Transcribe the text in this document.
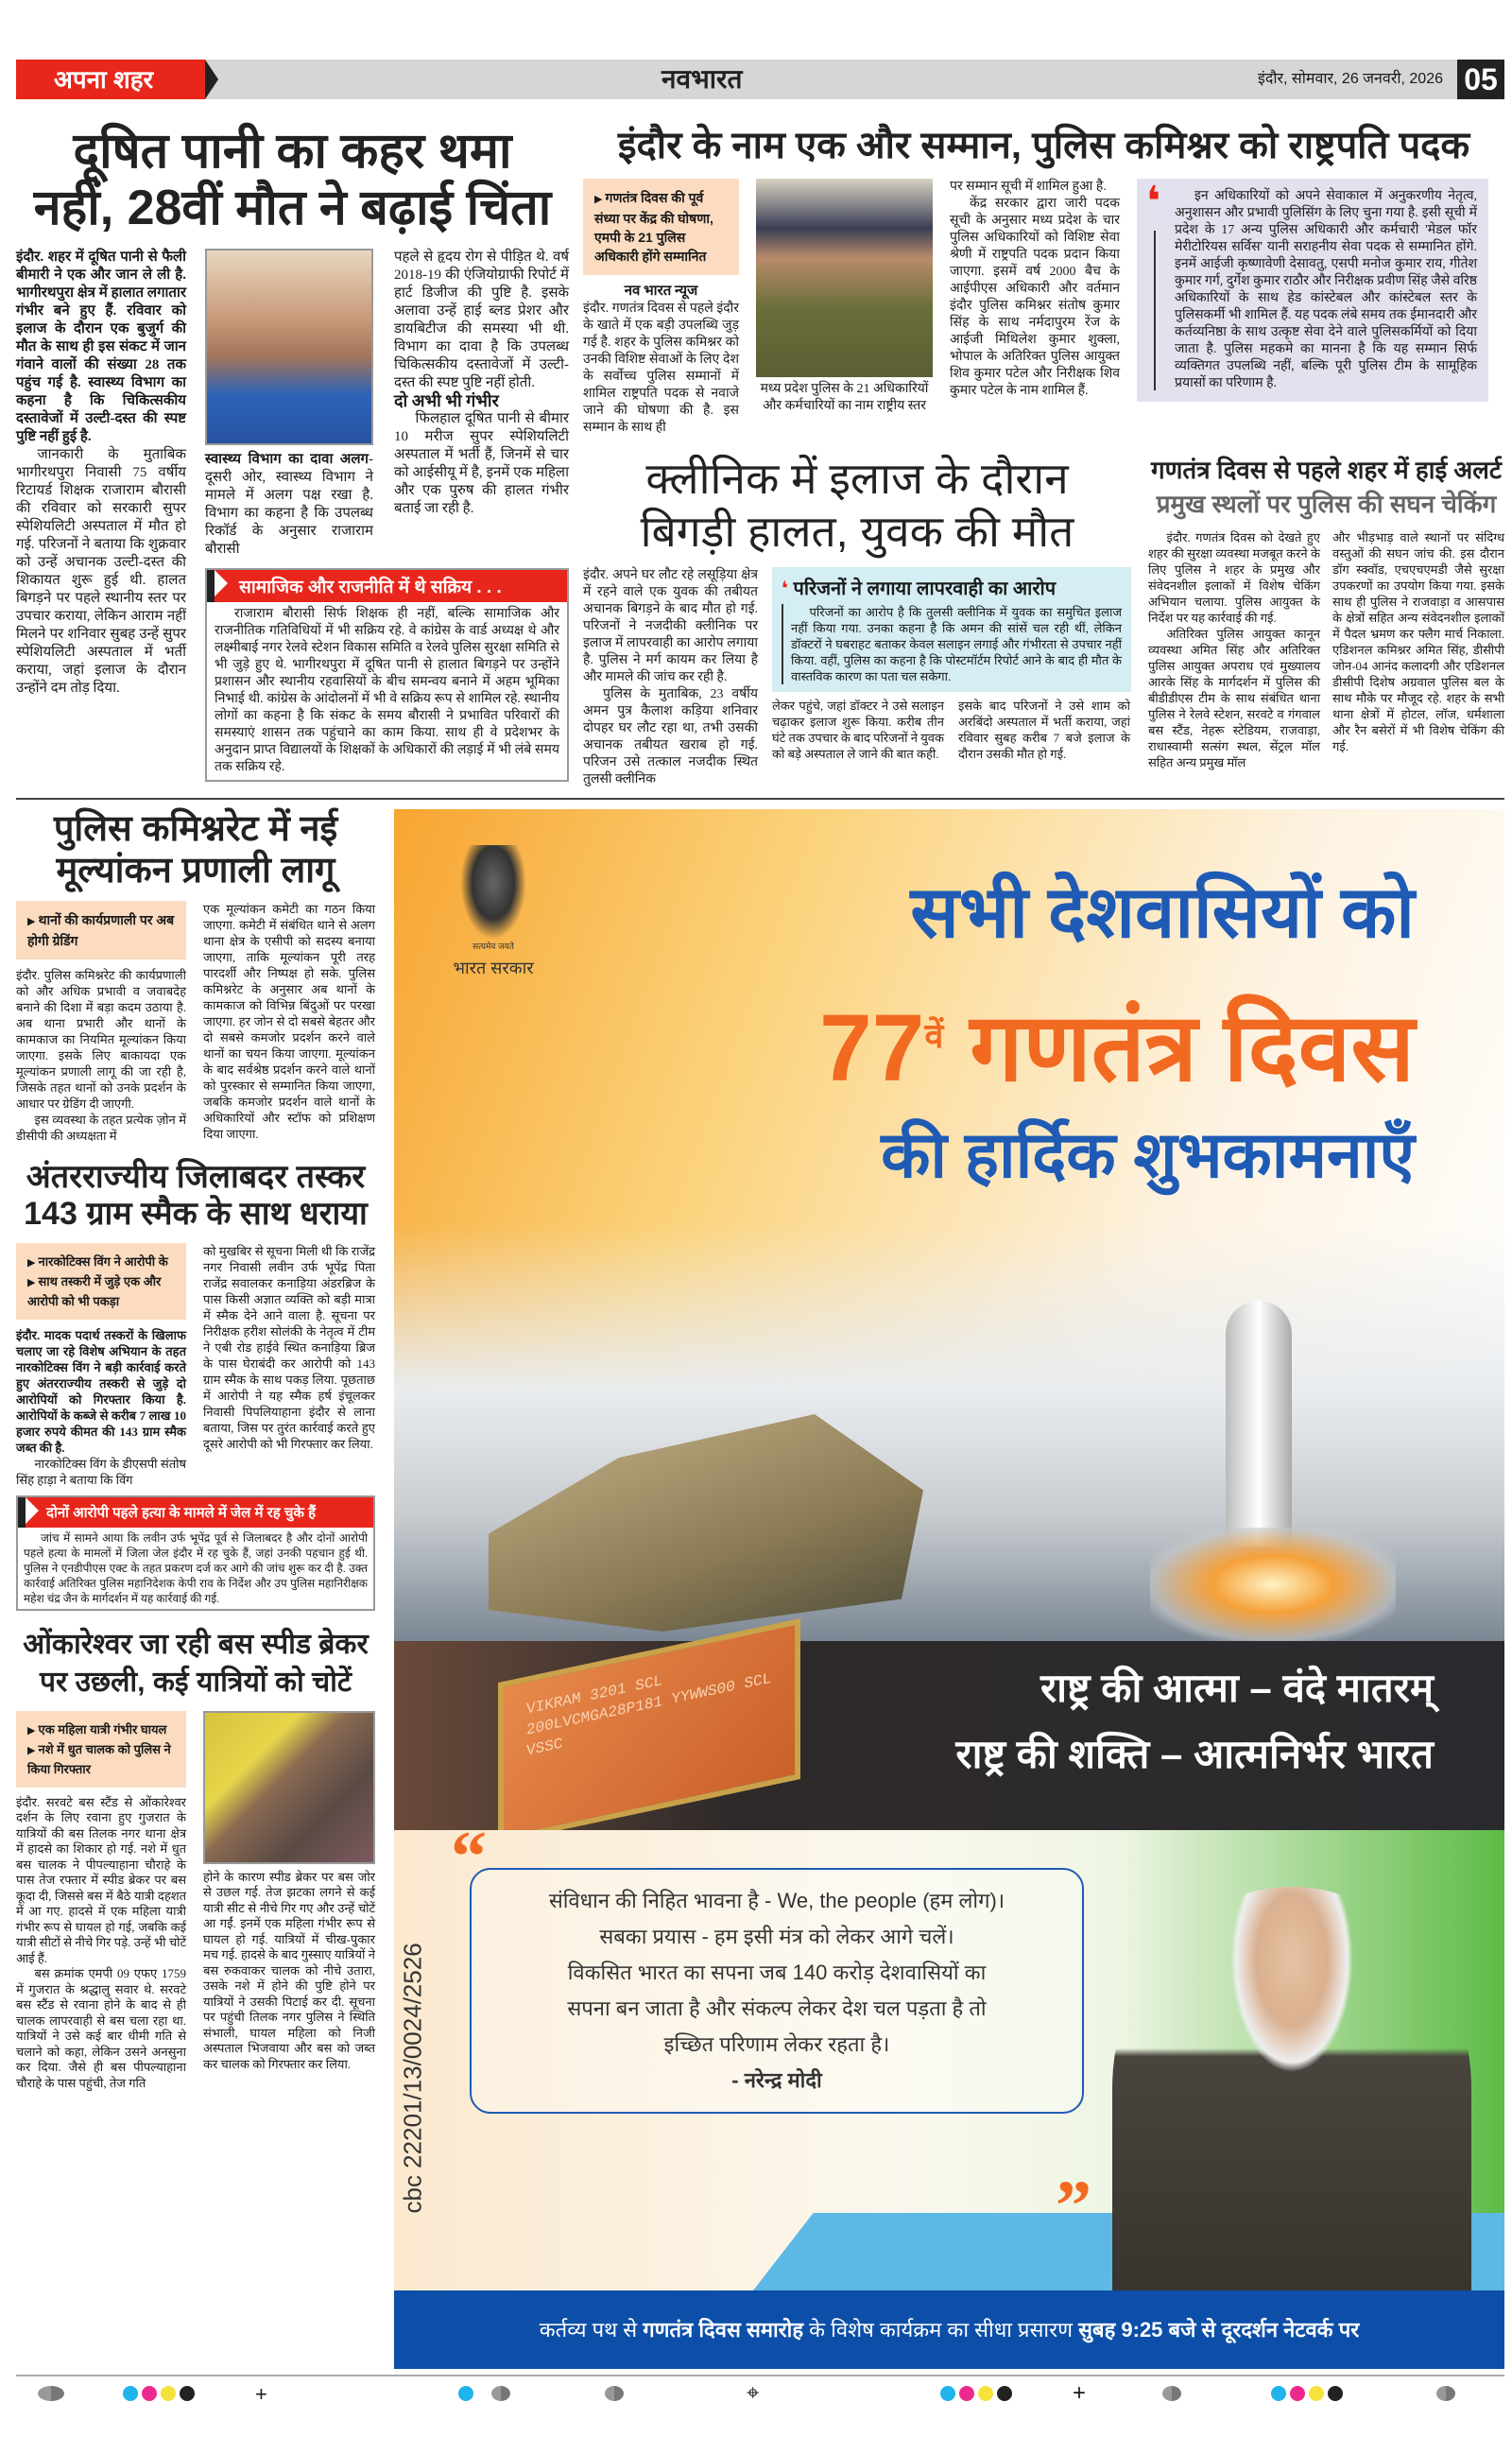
अपना शहर	नवभारत	इंदौर, सोमवार, 26 जनवरी, 2026 05
दूषित पानी का कहर थमा
नहीं, 28वीं मौत ने बढ़ाई चिंता

इंदौर. शहर में दूषित पानी से फैली बीमारी ने एक और जान ले ली है. भागीरथपुरा क्षेत्र में हालात लगातार गंभीर बने हुए हैं. रविवार को इलाज के दौरान एक बुजुर्ग की मौत के साथ ही इस संकट में जान गंवाने वालों की संख्या 28 तक पहुंच गई है. स्वास्थ्य विभाग का कहना है कि चिकित्सकीय दस्तावेजों में उल्टी-दस्त की स्पष्ट पुष्टि नहीं हुई है.

जानकारी के मुताबिक भागीरथपुरा निवासी 75 वर्षीय रिटायर्ड शिक्षक राजाराम बौरासी की रविवार को सरकारी सुपर स्पेशियलिटी अस्पताल में मौत हो गई. परिजनों ने बताया कि शुक्रवार को उन्हें अचानक उल्टी-दस्त की शिकायत शुरू हुई थी. हालत बिगड़ने पर पहले स्थानीय स्तर पर उपचार कराया, लेकिन आराम नहीं मिलने पर शनिवार सुबह उन्हें सुपर स्पेशियलिटी अस्पताल में भर्ती कराया, जहां इलाज के दौरान उन्होंने दम तोड़ दिया.

स्वास्थ्य विभाग का दावा अलग-दूसरी ओर, स्वास्थ्य विभाग ने मामले में अलग पक्ष रखा है. विभाग का कहना है कि उपलब्ध रिकॉर्ड के अनुसार राजाराम बौरासी

पहले से हृदय रोग से पीड़ित थे. वर्ष 2018-19 की एंजियोग्राफी रिपोर्ट में हार्ट डिजीज की पुष्टि है. इसके अलावा उन्हें हाई ब्लड प्रेशर और डायबिटीज की समस्या भी थी. विभाग का दावा है कि उपलब्ध चिकित्सकीय दस्तावेजों में उल्टी-दस्त की स्पष्ट पुष्टि नहीं होती.

दो अभी भी गंभीर

फिलहाल दूषित पानी से बीमार 10 मरीज सुपर स्पेशियलिटी अस्पताल में भर्ती हैं, जिनमें से चार को आईसीयू में है, इनमें एक महिला और एक पुरुष की हालत गंभीर बताई जा रही है.

सामाजिक और राजनीति में थे सक्रिय . . .

राजाराम बौरासी सिर्फ शिक्षक ही नहीं, बल्कि सामाजिक और राजनीतिक गतिविधियों में भी सक्रिय रहे. वे कांग्रेस के वार्ड अध्यक्ष थे और लक्ष्मीबाई नगर रेलवे स्टेशन विकास समिति व रेलवे पुलिस सुरक्षा समिति से भी जुड़े हुए थे. भागीरथपुरा में दूषित पानी से हालात बिगड़ने पर उन्होंने प्रशासन और स्थानीय रहवासियों के बीच समन्वय बनाने में अहम भूमिका निभाई थी. कांग्रेस के आंदोलनों में भी वे सक्रिय रूप से शामिल रहे. स्थानीय लोगों का कहना है कि संकट के समय बौरासी ने प्रभावित परिवारों की समस्याएं शासन तक पहुंचाने का काम किया. साथ ही वे प्रदेशभर के अनुदान प्राप्त विद्यालयों के शिक्षकों के अधिकारों की लड़ाई में भी लंबे समय तक सक्रिय रहे.

इंदौर के नाम एक और सम्मान, पुलिस कमिश्नर को राष्ट्रपति पदक
▶ गणतंत्र दिवस की पूर्व संध्या पर केंद्र की घोषणा, एमपी के 21 पुलिस अधिकारी होंगे सम्मानित
नव भारत न्यूज

इंदौर. गणतंत्र दिवस से पहले इंदौर के खाते में एक बड़ी उपलब्धि जुड़ गई है. शहर के पुलिस कमिश्नर को उनकी विशिष्ट सेवाओं के लिए देश के सर्वोच्च पुलिस सम्मानों में शामिल राष्ट्रपति पदक से नवाजे जाने की घोषणा की है. इस सम्मान के साथ ही

मध्य प्रदेश पुलिस के 21 अधिकारियों और कर्मचारियों का नाम राष्ट्रीय स्तर

पर सम्मान सूची में शामिल हुआ है.

केंद्र सरकार द्वारा जारी पदक सूची के अनुसार मध्य प्रदेश के चार पुलिस अधिकारियों को विशिष्ट सेवा श्रेणी में राष्ट्रपति पदक प्रदान किया जाएगा. इसमें वर्ष 2000 बैच के आईपीएस अधिकारी और वर्तमान इंदौर पुलिस कमिश्नर संतोष कुमार सिंह के साथ नर्मदापुरम रेंज के आईजी मिथिलेश कुमार शुक्ला, भोपाल के अतिरिक्त पुलिस आयुक्त शिव कुमार पटेल और निरीक्षक शिव कुमार पटेल के नाम शामिल हैं.

❛	इन अधिकारियों को अपने सेवाकाल में अनुकरणीय नेतृत्व, अनुशासन और प्रभावी पुलिसिंग के लिए चुना गया है. इसी सूची में प्रदेश के 17 अन्य पुलिस अधिकारी और कर्मचारी 'मेडल फॉर मेरीटोरियस सर्विस' यानी सराहनीय सेवा पदक से सम्मानित होंगे. इनमें आईजी कृष्णावेणी देसावतु, एसपी मनोज कुमार राय, गीतेश कुमार गर्ग, दुर्गेश कुमार राठौर और निरीक्षक प्रवीण सिंह जैसे वरिष्ठ अधिकारियों के साथ हेड कांस्टेबल और कांस्टेबल स्तर के पुलिसकर्मी भी शामिल हैं. यह पदक लंबे समय तक ईमानदारी और कर्तव्यनिष्ठा के साथ उत्कृष्ट सेवा देने वाले पुलिसकर्मियों को दिया जाता है. पुलिस महकमे का मानना है कि यह सम्मान सिर्फ व्यक्तिगत उपलब्धि नहीं, बल्कि पूरी पुलिस टीम के सामूहिक प्रयासों का परिणाम है.

क्लीनिक में इलाज के दौरान
बिगड़ी हालत, युवक की मौत

इंदौर. अपने घर लौट रहे लसूड़िया क्षेत्र में रहने वाले एक युवक की तबीयत अचानक बिगड़ने के बाद मौत हो गई. परिजनों ने नजदीकी क्लीनिक पर इलाज में लापरवाही का आरोप लगाया है. पुलिस ने मर्ग कायम कर लिया है और मामले की जांच कर रही है.

पुलिस के मुताबिक, 23 वर्षीय अमन पुत्र कैलाश कड़िया शनिवार दोपहर घर लौट रहा था, तभी उसकी अचानक तबीयत खराब हो गई. परिजन उसे तत्काल नजदीक स्थित तुलसी क्लीनिक

❛ परिजनों ने लगाया लापरवाही का आरोप

परिजनों का आरोप है कि तुलसी क्लीनिक में युवक का समुचित इलाज नहीं किया गया. उनका कहना है कि अमन की सांसें चल रही थीं, लेकिन डॉक्टरों ने घबराहट बताकर केवल सलाइन लगाई और गंभीरता से उपचार नहीं किया. वहीं, पुलिस का कहना है कि पोस्टमॉर्टम रिपोर्ट आने के बाद ही मौत के वास्तविक कारण का पता चल सकेगा.

लेकर पहुंचे, जहां डॉक्टर ने उसे सलाइन चढ़ाकर इलाज शुरू किया. करीब तीन घंटे तक उपचार के बाद परिजनों ने युवक को बड़े अस्पताल ले जाने की बात कही.

इसके बाद परिजनों ने उसे शाम को अरबिंदो अस्पताल में भर्ती कराया, जहां रविवार सुबह करीब 7 बजे इलाज के दौरान उसकी मौत हो गई.

गणतंत्र दिवस से पहले शहर में हाई अलर्ट
प्रमुख स्थलों पर पुलिस की सघन चेकिंग

इंदौर. गणतंत्र दिवस को देखते हुए शहर की सुरक्षा व्यवस्था मजबूत करने के लिए पुलिस ने शहर के प्रमुख और संवेदनशील इलाकों में विशेष चेकिंग अभियान चलाया. पुलिस आयुक्त के निर्देश पर यह कार्रवाई की गई.

अतिरिक्त पुलिस आयुक्त कानून व्यवस्था अमित सिंह और अतिरिक्त पुलिस आयुक्त अपराध एवं मुख्यालय आरके सिंह के मार्गदर्शन में पुलिस की बीडीडीएस टीम के साथ संबंधित थाना पुलिस ने रेलवे स्टेशन, सरवटे व गंगवाल बस स्टैंड, नेहरू स्टेडियम, राजवाड़ा, राधास्वामी सत्संग स्थल, सेंट्रल मॉल सहित अन्य प्रमुख मॉल

और भीड़भाड़ वाले स्थानों पर संदिग्ध वस्तुओं की सघन जांच की. इस दौरान डॉग स्क्वॉड, एचएचएमडी जैसे सुरक्षा उपकरणों का उपयोग किया गया. इसके साथ ही पुलिस ने राजवाड़ा व आसपास के क्षेत्रों सहित अन्य संवेदनशील इलाकों में पैदल भ्रमण कर फ्लैग मार्च निकाला. एडिशनल कमिश्नर अमित सिंह, डीसीपी जोन-04 आनंद कलादगी और एडिशनल डीसीपी दिशेष अग्रवाल पुलिस बल के साथ मौके पर मौजूद रहे. शहर के सभी थाना क्षेत्रों में होटल, लॉज, धर्मशाला और रैन बसेरों में भी विशेष चेकिंग की गई.

पुलिस कमिश्नरेट में नई
मूल्यांकन प्रणाली लागू
▶ थानों की कार्यप्रणाली पर अब होगी ग्रेडिंग

इंदौर. पुलिस कमिश्नरेट की कार्यप्रणाली को और अधिक प्रभावी व जवाबदेह बनाने की दिशा में बड़ा कदम उठाया है. अब थाना प्रभारी और थानों के कामकाज का नियमित मूल्यांकन किया जाएगा. इसके लिए बाकायदा एक मूल्यांकन प्रणाली लागू की जा रही है, जिसके तहत थानों को उनके प्रदर्शन के आधार पर ग्रेडिंग दी जाएगी.

इस व्यवस्था के तहत प्रत्येक ज़ोन में डीसीपी की अध्यक्षता में

एक मूल्यांकन कमेटी का गठन किया जाएगा. कमेटी में संबंधित थाने से अलग थाना क्षेत्र के एसीपी को सदस्य बनाया जाएगा, ताकि मूल्यांकन पूरी तरह पारदर्शी और निष्पक्ष हो सके. पुलिस कमिश्नरेट के अनुसार अब थानों के कामकाज को विभिन्न बिंदुओं पर परखा जाएगा. हर जोन से दो सबसे बेहतर और दो सबसे कमजोर प्रदर्शन करने वाले थानों का चयन किया जाएगा. मूल्यांकन के बाद सर्वश्रेष्ठ प्रदर्शन करने वाले थानों को पुरस्कार से सम्मानित किया जाएगा, जबकि कमजोर प्रदर्शन वाले थानों के अधिकारियों और स्टॉफ को प्रशिक्षण दिया जाएगा.

अंतरराज्यीय जिलाबदर तस्कर
143 ग्राम स्मैक के साथ धराया
▶ नारकोटिक्स विंग ने आरोपी के
▶ साथ तस्करी में जुड़े एक और आरोपी को भी पकड़ा

इंदौर. मादक पदार्थ तस्करों के खिलाफ चलाए जा रहे विशेष अभियान के तहत नारकोटिक्स विंग ने बड़ी कार्रवाई करते हुए अंतरराज्यीय तस्करी से जुड़े दो आरोपियों को गिरफ्तार किया है. आरोपियों के कब्जे से करीब 7 लाख 10 हजार रुपये कीमत की 143 ग्राम स्मैक जब्त की है.

नारकोटिक्स विंग के डीएसपी संतोष सिंह हाड़ा ने बताया कि विंग

को मुखबिर से सूचना मिली थी कि राजेंद्र नगर निवासी लवीन उर्फ भूपेंद्र पिता राजेंद्र सवालकर कनाड़िया अंडरब्रिज के पास किसी अज्ञात व्यक्ति को बड़ी मात्रा में स्मैक देने आने वाला है. सूचना पर निरीक्षक हरीश सोलंकी के नेतृत्व में टीम ने एबी रोड हाईवे स्थित कनाड़िया ब्रिज के पास घेराबंदी कर आरोपी को 143 ग्राम स्मैक के साथ पकड़ लिया. पूछताछ में आरोपी ने यह स्मैक हर्ष इंचूलकर निवासी पिपलियाहाना इंदौर से लाना बताया, जिस पर तुरंत कार्रवाई करते हुए दूसरे आरोपी को भी गिरफ्तार कर लिया.

दोनों आरोपी पहले हत्या के मामले में जेल में रह चुके हैं

जांच में सामने आया कि लवीन उर्फ भूपेंद्र पूर्व से जिलाबदर है और दोनों आरोपी पहले हत्या के मामलों में जिला जेल इंदौर में रह चुके हैं, जहां उनकी पहचान हुई थी. पुलिस ने एनडीपीएस एक्ट के तहत प्रकरण दर्ज कर आगे की जांच शुरू कर दी है. उक्त कार्रवाई अतिरिक्त पुलिस महानिदेशक केपी राव के निर्देश और उप पुलिस महानिरीक्षक महेश चंद्र जैन के मार्गदर्शन में यह कार्रवाई की गई.

ओंकारेश्वर जा रही बस स्पीड ब्रेकर
पर उछली, कई यात्रियों को चोटें
▶ एक महिला यात्री गंभीर घायल
▶ नशे में धुत चालक को पुलिस ने किया गिरफ्तार

इंदौर. सरवटे बस स्टैंड से ओंकारेश्वर दर्शन के लिए रवाना हुए गुजरात के यात्रियों की बस तिलक नगर थाना क्षेत्र में हादसे का शिकार हो गई. नशे में धुत बस चालक ने पीपल्याहाना चौराहे के पास तेज रफ्तार में स्पीड ब्रेकर पर बस कूदा दी, जिससे बस में बैठे यात्री दहशत में आ गए. हादसे में एक महिला यात्री गंभीर रूप से घायल हो गई, जबकि कई यात्री सीटों से नीचे गिर पड़े. उन्हें भी चोटें आई हैं.

बस क्रमांक एमपी 09 एफए 1759 में गुजरात के श्रद्धालु सवार थे. सरवटे बस स्टैंड से रवाना होने के बाद से ही चालक लापरवाही से बस चला रहा था. यात्रियों ने उसे कई बार धीमी गति से चलाने को कहा, लेकिन उसने अनसुना कर दिया. जैसे ही बस पीपल्याहाना चौराहे के पास पहुंची, तेज गति

होने के कारण स्पीड ब्रेकर पर बस जोर से उछल गई. तेज झटका लगने से कई यात्री सीट से नीचे गिर गए और उन्हें चोटें आ गईं. इनमें एक महिला गंभीर रूप से घायल हो गई. यात्रियों में चीख-पुकार मच गई. हादसे के बाद गुस्साए यात्रियों ने बस रुकवाकर चालक को नीचे उतारा, उसके नशे में होने की पुष्टि होने पर यात्रियों ने उसकी पिटाई कर दी. सूचना पर पहुंची तिलक नगर पुलिस ने स्थिति संभाली, घायल महिला को निजी अस्पताल भिजवाया और बस को जब्त कर चालक को गिरफ्तार कर लिया.

सत्यमेव जयते
भारत सरकार
सभी देशवासियों को
$77^{वें}$ गणतंत्र दिवस
की हार्दिक शुभकामनाएँ
VIKRAM 3201 SCL 200LVCMGA28P181 YYWWS00 SCL VSSC
राष्ट्र की आत्मा – वंदे मातरम्
राष्ट्र की शक्ति – आत्मनिर्भर भारत
“
संविधान की निहित भावना है - We, the people (हम लोग)।
सबका प्रयास - हम इसी मंत्र को लेकर आगे चलें।
विकसित भारत का सपना जब 140 करोड़ देशवासियों का
सपना बन जाता है और संकल्प लेकर देश चल पड़ता है तो
इच्छित परिणाम लेकर रहता है।
- नरेन्द्र मोदी
”
cbc 22201/13/0024/2526
कर्तव्य पथ से गणतंत्र दिवस समारोह के विशेष कार्यक्रम का सीधा प्रसारण सुबह 9:25 बजे से दूरदर्शन नेटवर्क पर
+	⌖	+
